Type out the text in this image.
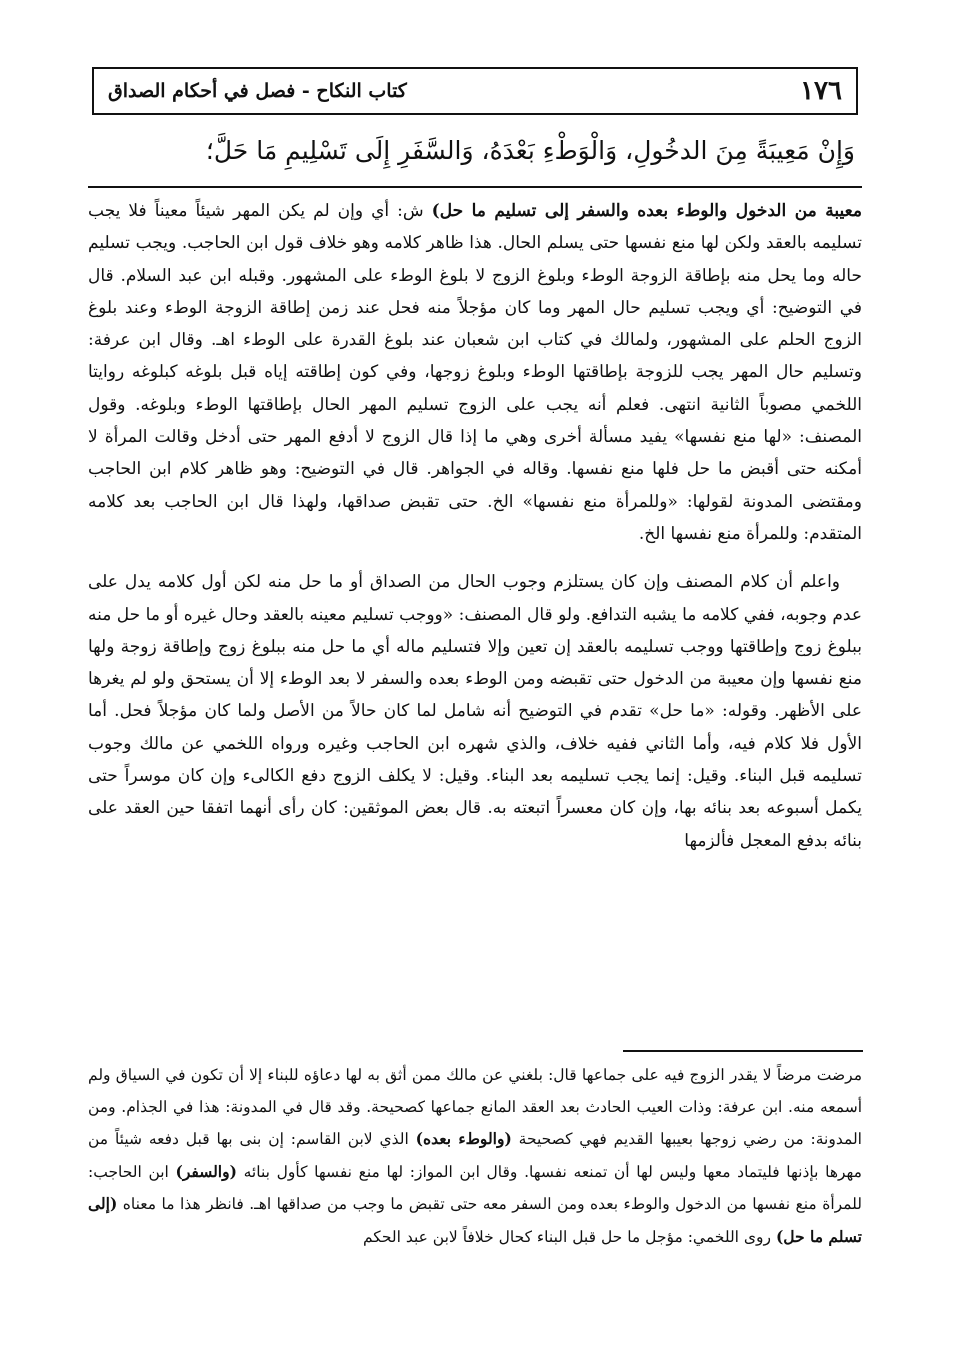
١٧٦
كتاب النكاح - فصل في أحكام الصداق
وَإِنْ مَعِيبَةً مِنَ الدخُولِ، وَالْوَطْءِ بَعْدَهُ، وَالسَّفَرِ إِلَى تَسْلِيمِ مَا حَلَّ؛

معيبة من الدخول والوطء بعده والسفر إلى تسليم ما حل) ش: أي وإن لم يكن المهر شيئاً معيناً فلا يجب تسليمه بالعقد ولكن لها منع نفسها حتى يسلم الحال. هذا ظاهر كلامه وهو خلاف قول ابن الحاجب. ويجب تسليم حاله وما يحل منه بإطاقة الزوجة الوطء وبلوغ الزوج لا بلوغ الوطء على المشهور. وقبله ابن عبد السلام. قال في التوضيح: أي ويجب تسليم حال المهر وما كان مؤجلاً منه فحل عند زمن إطاقة الزوجة الوطء وعند بلوغ الزوج الحلم على المشهور، ولمالك في كتاب ابن شعبان عند بلوغ القدرة على الوطء اهـ. وقال ابن عرفة: وتسليم حال المهر يجب للزوجة بإطاقتها الوطء وبلوغ زوجها، وفي كون إطاقته إياه قبل بلوغه كبلوغه روايتا اللخمي مصوباً الثانية انتهى. فعلم أنه يجب على الزوج تسليم المهر الحال بإطاقتها الوطء وبلوغه. وقول المصنف: «لها منع نفسها» يفيد مسألة أخرى وهي ما إذا قال الزوج لا أدفع المهر حتى أدخل وقالت المرأة لا أمكنه حتى أقبض ما حل فلها منع نفسها. وقاله في الجواهر. قال في التوضيح: وهو ظاهر كلام ابن الحاجب ومقتضى المدونة لقولها: «وللمرأة منع نفسها» الخ. حتى تقبض صداقها، ولهذا قال ابن الحاجب بعد كلامه المتقدم: وللمرأة منع نفسها الخ.

واعلم أن كلام المصنف وإن كان يستلزم وجوب الحال من الصداق أو ما حل منه لكن أول كلامه يدل على عدم وجوبه، ففي كلامه ما يشبه التدافع. ولو قال المصنف: «ووجب تسليم معينه بالعقد وحال غيره أو ما حل منه ببلوغ زوج وإطاقتها ووجب تسليمه بالعقد إن تعين وإلا فتسليم ماله أي ما حل منه ببلوغ زوج وإطاقة زوجة ولها منع نفسها وإن معيبة من الدخول حتى تقبضه ومن الوطء بعده والسفر لا بعد الوطء إلا أن يستحق ولو لم يغرها على الأظهر. وقوله: «ما حل» تقدم في التوضيح أنه شامل لما كان حالاً من الأصل ولما كان مؤجلاً فحل. أما الأول فلا كلام فيه، وأما الثاني ففيه خلاف، والذي شهره ابن الحاجب وغيره ورواه اللخمي عن مالك وجوب تسليمه قبل البناء. وقيل: إنما يجب تسليمه بعد البناء. وقيل: لا يكلف الزوج دفع الكالىء وإن كان موسراً حتى يكمل أسبوعه بعد بنائه بها، وإن كان معسراً اتبعته به. قال بعض الموثقين: كان رأى أنهما اتفقا حين العقد على بنائه بدفع المعجل فألزمها

مرضت مرضاً لا يقدر الزوج فيه على جماعها قال: بلغني عن مالك ممن أثق به لها دعاؤه للبناء إلا أن تكون في السياق ولم أسمعه منه. ابن عرفة: وذات العيب الحادث بعد العقد المانع جماعها كصحيحة. وقد قال في المدونة: هذا في الجذام. ومن المدونة: من رضي زوجها بعيبها القديم فهي كصحيحة (والوطء بعده) الذي لابن القاسم: إن بنى بها قبل دفعه شيئاً من مهرها بإذنها فليتماد معها وليس لها أن تمنعه نفسها. وقال ابن المواز: لها منع نفسها كأول بنائه (والسفر) ابن الحاجب: للمرأة منع نفسها من الدخول والوطء بعده ومن السفر معه حتى تقبض ما وجب من صداقها اهـ. فانظر هذا ما معناه (إلى تسلم ما حل) روى اللخمي: مؤجل ما حل قبل البناء كحال خلافاً لابن عبد الحكم
